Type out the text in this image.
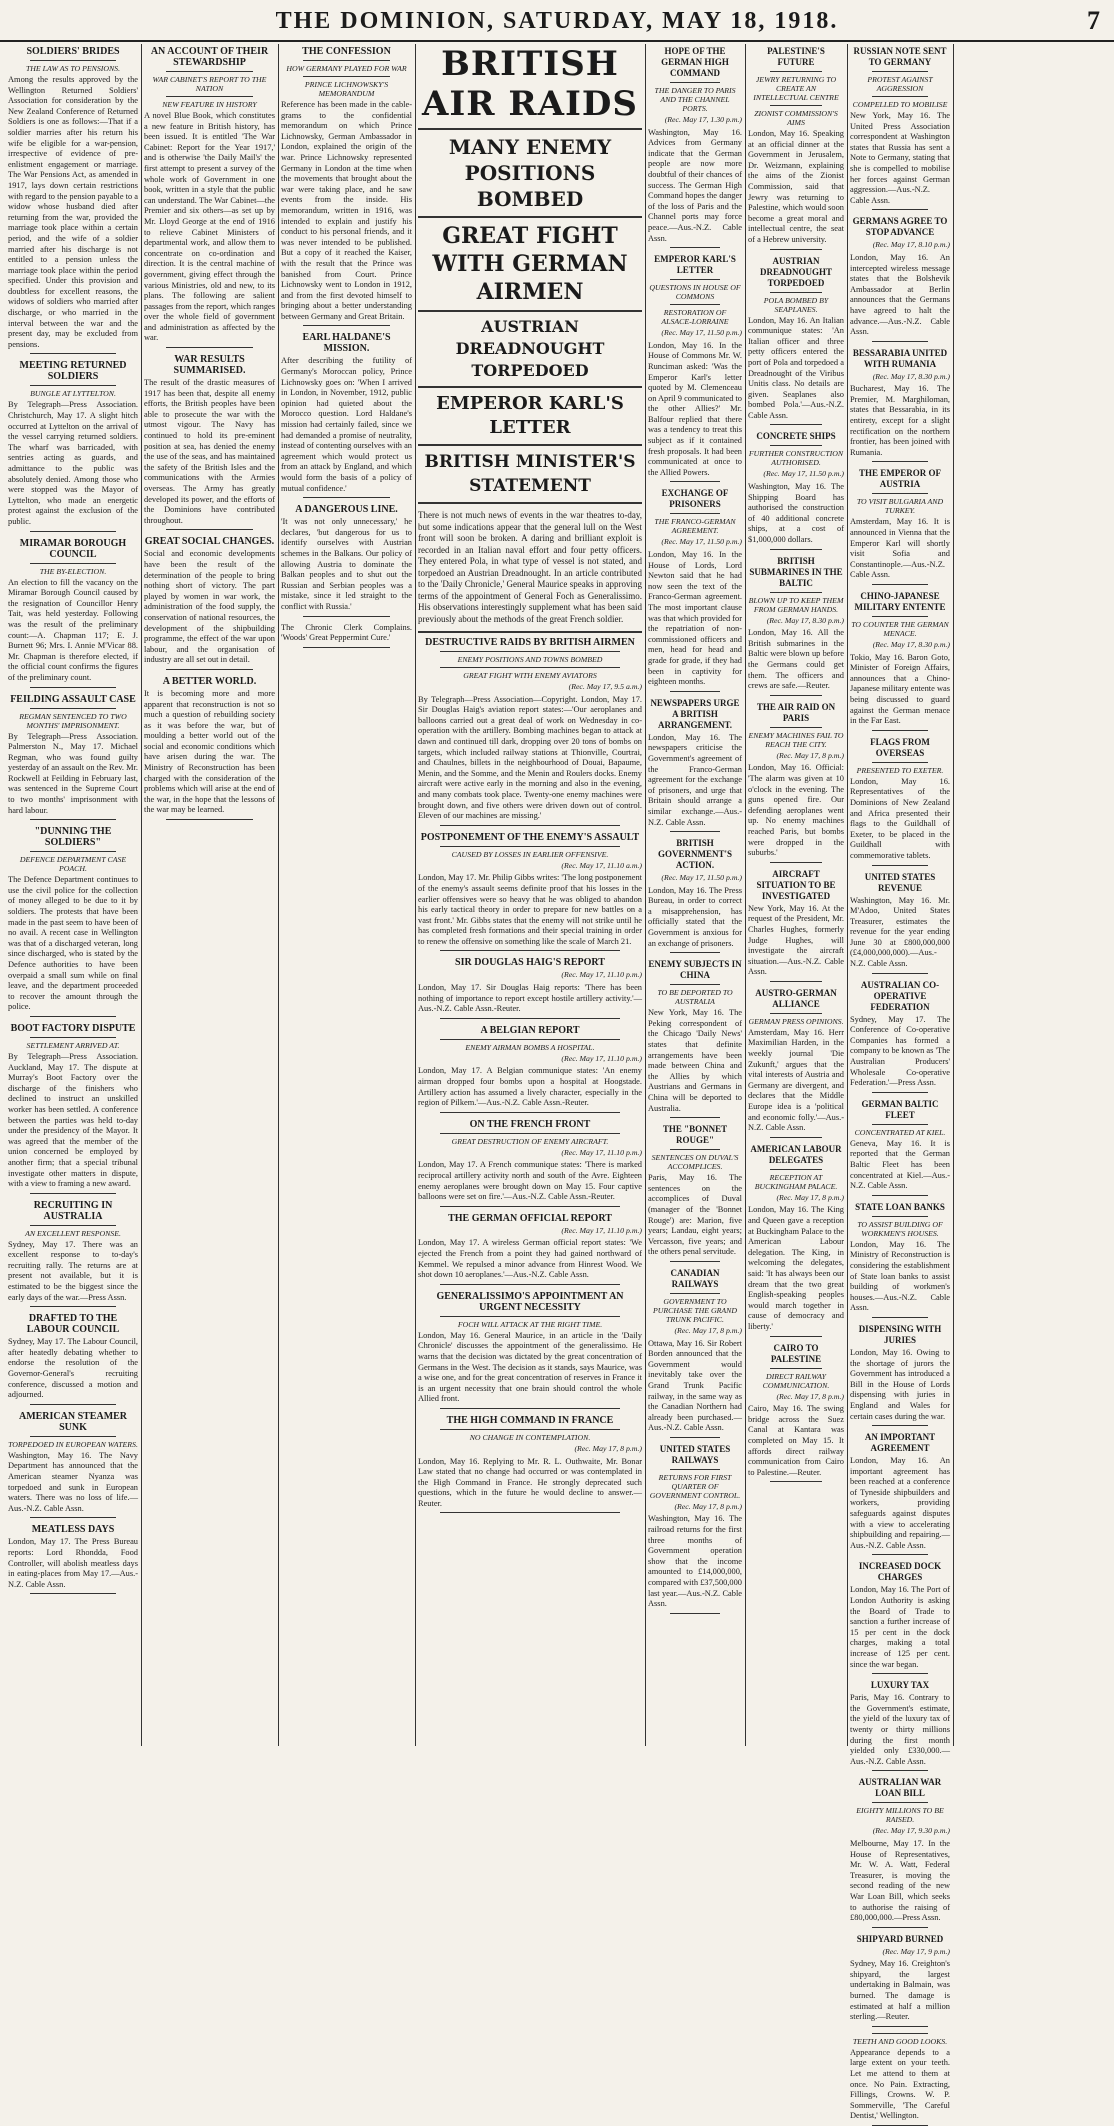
THE DOMINION, SATURDAY, MAY 18, 1918.	7
SOLDIERS' BRIDES
THE LAW AS TO PENSIONS.
Among the results approved by the Wellington Returned Soldiers' Association for consideration by the New Zealand Conference of Returned Soldiers is one as follows:—That if a soldier marries after his return his wife be eligible for a war-pension, irrespective of evidence of pre-enlistment engagement or marriage. The War Pensions Act, as amended in 1917, lays down certain restrictions with regard to the pension payable to a widow whose husband died after returning from the war, provided the marriage took place within a certain period, and the wife of a soldier married after his discharge is not entitled to a pension unless the marriage took place within the period specified. Under this provision and doubtless for excellent reasons, the widows of soldiers who married after discharge, or who married in the interval between the war and the present day, may be excluded from pensions.
MEETING RETURNED SOLDIERS
BUNGLE AT LYTTELTON.
By Telegraph—Press Association. Christchurch, May 17. A slight hitch occurred at Lyttelton on the arrival of the vessel carrying returned soldiers. The wharf was barricaded, with sentries acting as guards, and admittance to the public was absolutely denied. Among those who were stopped was the Mayor of Lyttelton, who made an energetic protest against the exclusion of the public.
MIRAMAR BOROUGH COUNCIL
THE BY-ELECTION.
An election to fill the vacancy on the Miramar Borough Council caused by the resignation of Councillor Henry Tait, was held yesterday. Following was the result of the preliminary count:—A. Chapman 117; E. J. Burnett 96; Mrs. I. Annie M'Vicar 88. Mr. Chapman is therefore elected, if the official count confirms the figures of the preliminary count.
FEILDING ASSAULT CASE
REGMAN SENTENCED TO TWO MONTHS' IMPRISONMENT.
By Telegraph—Press Association. Palmerston N., May 17. Michael Regman, who was found guilty yesterday of an assault on the Rev. Mr. Rockwell at Feilding in February last, was sentenced in the Supreme Court to two months' imprisonment with hard labour.
"DUNNING THE SOLDIERS"
DEFENCE DEPARTMENT CASE POACH.
The Defence Department continues to use the civil police for the collection of money alleged to be due to it by soldiers. The protests that have been made in the past seem to have been of no avail. A recent case in Wellington was that of a discharged veteran, long since discharged, who is stated by the Defence authorities to have been overpaid a small sum while on final leave, and the department proceeded to recover the amount through the police.
BOOT FACTORY DISPUTE
SETTLEMENT ARRIVED AT.
By Telegraph—Press Association. Auckland, May 17. The dispute at Murray's Boot Factory over the discharge of the finishers who declined to instruct an unskilled worker has been settled. A conference between the parties was held to-day under the presidency of the Mayor. It was agreed that the member of the union concerned be employed by another firm; that a special tribunal investigate other matters in dispute, with a view to framing a new award.
RECRUITING IN AUSTRALIA
AN EXCELLENT RESPONSE.
Sydney, May 17. There was an excellent response to to-day's recruiting rally. The returns are at present not available, but it is estimated to be the biggest since the early days of the war.—Press Assn.
DRAFTED TO THE LABOUR COUNCIL
Sydney, May 17. The Labour Council, after heatedly debating whether to endorse the resolution of the Governor-General's recruiting conference, discussed a motion and adjourned.
AMERICAN STEAMER SUNK
TORPEDOED IN EUROPEAN WATERS.
Washington, May 16. The Navy Department has announced that the American steamer Nyanza was torpedoed and sunk in European waters. There was no loss of life.—Aus.-N.Z. Cable Assn.
MEATLESS DAYS
London, May 17. The Press Bureau reports: Lord Rhondda, Food Controller, will abolish meatless days in eating-places from May 17.—Aus.-N.Z. Cable Assn.
AN ACCOUNT OF THEIR STEWARDSHIP
WAR CABINET'S REPORT TO THE NATION
NEW FEATURE IN HISTORY
A novel Blue Book, which constitutes a new feature in British history, has been issued. It is entitled 'The War Cabinet: Report for the Year 1917,' and is otherwise 'the Daily Mail's' the first attempt to present a survey of the whole work of Government in one book, written in a style that the public can understand. The War Cabinet—the Premier and six others—as set up by Mr. Lloyd George at the end of 1916 to relieve Cabinet Ministers of departmental work, and allow them to concentrate on co-ordination and direction. It is the central machine of government, giving effect through the various Ministries, old and new, to its plans. The following are salient passages from the report, which ranges over the whole field of government and administration as affected by the war.
WAR RESULTS SUMMARISED.
The result of the drastic measures of 1917 has been that, despite all enemy efforts, the British peoples have been able to prosecute the war with the utmost vigour. The Navy has continued to hold its pre-eminent position at sea, has denied the enemy the use of the seas, and has maintained the safety of the British Isles and the communications with the Armies overseas. The Army has greatly developed its power, and the efforts of the Dominions have contributed throughout.
GREAT SOCIAL CHANGES.
Social and economic developments have been the result of the determination of the people to bring nothing short of victory. The part played by women in war work, the administration of the food supply, the conservation of national resources, the development of the shipbuilding programme, the effect of the war upon labour, and the organisation of industry are all set out in detail.
A BETTER WORLD.
It is becoming more and more apparent that reconstruction is not so much a question of rebuilding society as it was before the war, but of moulding a better world out of the social and economic conditions which have arisen during the war. The Ministry of Reconstruction has been charged with the consideration of the problems which will arise at the end of the war, in the hope that the lessons of the war may be learned.
THE CONFESSION
HOW GERMANY PLAYED FOR WAR
PRINCE LICHNOWSKY'S MEMORANDUM
Reference has been made in the cable-grams to the confidential memorandum on which Prince Lichnowsky, German Ambassador in London, explained the origin of the war. Prince Lichnowsky represented Germany in London at the time when the movements that brought about the war were taking place, and he saw events from the inside. His memorandum, written in 1916, was intended to explain and justify his conduct to his personal friends, and it was never intended to be published. But a copy of it reached the Kaiser, with the result that the Prince was banished from Court. Prince Lichnowsky went to London in 1912, and from the first devoted himself to bringing about a better understanding between Germany and Great Britain.
EARL HALDANE'S MISSION.
After describing the futility of Germany's Moroccan policy, Prince Lichnowsky goes on: 'When I arrived in London, in November, 1912, public opinion had quieted about the Morocco question. Lord Haldane's mission had certainly failed, since we had demanded a promise of neutrality, instead of contenting ourselves with an agreement which would protect us from an attack by England, and which would form the basis of a policy of mutual confidence.'
A DANGEROUS LINE.
'It was not only unnecessary,' he declares, 'but dangerous for us to identify ourselves with Austrian schemes in the Balkans. Our policy of allowing Austria to dominate the Balkan peoples and to shut out the Russian and Serbian peoples was a mistake, since it led straight to the conflict with Russia.'
The Chronic Clerk Complains. 'Woods' Great Peppermint Cure.'
BRITISH AIR RAIDS
MANY ENEMY POSITIONS BOMBED
GREAT FIGHT WITH GERMAN AIRMEN
AUSTRIAN DREADNOUGHT TORPEDOED
EMPEROR KARL'S LETTER
BRITISH MINISTER'S STATEMENT
There is not much news of events in the war theatres to-day, but some indications appear that the general lull on the West front will soon be broken. A daring and brilliant exploit is recorded in an Italian naval effort and four petty officers. They entered Pola, in what type of vessel is not stated, and torpedoed an Austrian Dreadnought. In an article contributed to the 'Daily Chronicle,' General Maurice speaks in approving terms of the appointment of General Foch as Generalissimo. His observations interestingly supplement what has been said previously about the methods of the great French soldier.
DESTRUCTIVE RAIDS BY BRITISH AIRMEN
ENEMY POSITIONS AND TOWNS BOMBED
GREAT FIGHT WITH ENEMY AVIATORS
(Rec. May 17, 9.5 a.m.)
By Telegraph—Press Association—Copyright. London, May 17. Sir Douglas Haig's aviation report states:—'Our aeroplanes and balloons carried out a great deal of work on Wednesday in co-operation with the artillery. Bombing machines began to attack at dawn and continued till dark, dropping over 20 tons of bombs on targets, which included railway stations at Thionville, Courtrai, and Chaulnes, billets in the neighbourhood of Douai, Bapaume, Menin, and the Somme, and the Menin and Roulers docks. Enemy aircraft were active early in the morning and also in the evening, and many combats took place. Twenty-one enemy machines were brought down, and five others were driven down out of control. Eleven of our machines are missing.'
POSTPONEMENT OF THE ENEMY'S ASSAULT
CAUSED BY LOSSES IN EARLIER OFFENSIVE.
(Rec. May 17, 11.10 a.m.)
London, May 17. Mr. Philip Gibbs writes: 'The long postponement of the enemy's assault seems definite proof that his losses in the earlier offensives were so heavy that he was obliged to abandon his early tactical theory in order to prepare for new battles on a vast front.' Mr. Gibbs states that the enemy will not strike until he has completed fresh formations and their special training in order to renew the offensive on something like the scale of March 21.
SIR DOUGLAS HAIG'S REPORT
(Rec. May 17, 11.10 p.m.)
London, May 17. Sir Douglas Haig reports: 'There has been nothing of importance to report except hostile artillery activity.'—Aus.-N.Z. Cable Assn.-Reuter.
A BELGIAN REPORT
ENEMY AIRMAN BOMBS A HOSPITAL.
(Rec. May 17, 11.10 p.m.)
London, May 17. A Belgian communique states: 'An enemy airman dropped four bombs upon a hospital at Hoogstade. Artillery action has assumed a lively character, especially in the region of Pilkem.'—Aus.-N.Z. Cable Assn.-Reuter.
ON THE FRENCH FRONT
GREAT DESTRUCTION OF ENEMY AIRCRAFT.
(Rec. May 17, 11.10 p.m.)
London, May 17. A French communique states: 'There is marked reciprocal artillery activity north and south of the Avre. Eighteen enemy aeroplanes were brought down on May 15. Four captive balloons were set on fire.'—Aus.-N.Z. Cable Assn.-Reuter.
THE GERMAN OFFICIAL REPORT
(Rec. May 17, 11.10 p.m.)
London, May 17. A wireless German official report states: 'We ejected the French from a point they had gained northward of Kemmel. We repulsed a minor advance from Hinrest Wood. We shot down 10 aeroplanes.'—Aus.-N.Z. Cable Assn.
GENERALISSIMO'S APPOINTMENT AN URGENT NECESSITY
FOCH WILL ATTACK AT THE RIGHT TIME.
London, May 16. General Maurice, in an article in the 'Daily Chronicle' discusses the appointment of the generalissimo. He warns that the decision was dictated by the great concentration of Germans in the West. The decision as it stands, says Maurice, was a wise one, and for the great concentration of reserves in France it is an urgent necessity that one brain should control the whole Allied front.
THE HIGH COMMAND IN FRANCE
NO CHANGE IN CONTEMPLATION.
(Rec. May 17, 8 p.m.)
London, May 16. Replying to Mr. R. L. Outhwaite, Mr. Bonar Law stated that no change had occurred or was contemplated in the High Command in France. He strongly deprecated such questions, which in the future he would decline to answer.—Reuter.
HOPE OF THE GERMAN HIGH COMMAND
THE DANGER TO PARIS AND THE CHANNEL PORTS.
(Rec. May 17, 1.30 p.m.)
Washington, May 16. Advices from Germany indicate that the German people are now more doubtful of their chances of success. The German High Command hopes the danger of the loss of Paris and the Channel ports may force peace.—Aus.-N.Z. Cable Assn.
EMPEROR KARL'S LETTER
QUESTIONS IN HOUSE OF COMMONS
RESTORATION OF ALSACE-LORRAINE
(Rec. May 17, 11.50 p.m.)
London, May 16. In the House of Commons Mr. W. Runciman asked: 'Was the Emperor Karl's letter quoted by M. Clemenceau on April 9 communicated to the other Allies?' Mr. Balfour replied that there was a tendency to treat this subject as if it contained fresh proposals. It had been communicated at once to the Allied Powers.
EXCHANGE OF PRISONERS
THE FRANCO-GERMAN AGREEMENT.
(Rec. May 17, 11.50 p.m.)
London, May 16. In the House of Lords, Lord Newton said that he had now seen the text of the Franco-German agreement. The most important clause was that which provided for the repatriation of non-commissioned officers and men, head for head and grade for grade, if they had been in captivity for eighteen months.
NEWSPAPERS URGE A BRITISH ARRANGEMENT.
London, May 16. The newspapers criticise the Government's agreement of the Franco-German agreement for the exchange of prisoners, and urge that Britain should arrange a similar exchange.—Aus.-N.Z. Cable Assn.
BRITISH GOVERNMENT'S ACTION.
(Rec. May 17, 11.50 p.m.)
London, May 16. The Press Bureau, in order to correct a misapprehension, has officially stated that the Government is anxious for an exchange of prisoners.
ENEMY SUBJECTS IN CHINA
TO BE DEPORTED TO AUSTRALIA
New York, May 16. The Peking correspondent of the Chicago 'Daily News' states that definite arrangements have been made between China and the Allies by which Austrians and Germans in China will be deported to Australia.
THE "BONNET ROUGE"
SENTENCES ON DUVAL'S ACCOMPLICES.
Paris, May 16. The sentences on the accomplices of Duval (manager of the 'Bonnet Rouge') are: Marion, five years; Landau, eight years; Vercasson, five years; and the others penal servitude.
CANADIAN RAILWAYS
GOVERNMENT TO PURCHASE THE GRAND TRUNK PACIFIC.
(Rec. May 17, 8 p.m.)
Ottawa, May 16. Sir Robert Borden announced that the Government would inevitably take over the Grand Trunk Pacific railway, in the same way as the Canadian Northern had already been purchased.—Aus.-N.Z. Cable Assn.
UNITED STATES RAILWAYS
RETURNS FOR FIRST QUARTER OF GOVERNMENT CONTROL.
(Rec. May 17, 8 p.m.)
Washington, May 16. The railroad returns for the first three months of Government operation show that the income amounted to £14,000,000, compared with £37,500,000 last year.—Aus.-N.Z. Cable Assn.
PALESTINE'S FUTURE
JEWRY RETURNING TO CREATE AN INTELLECTUAL CENTRE
ZIONIST COMMISSION'S AIMS
London, May 16. Speaking at an official dinner at the Government in Jerusalem, Dr. Weizmann, explaining the aims of the Zionist Commission, said that Jewry was returning to Palestine, which would soon become a great moral and intellectual centre, the seat of a Hebrew university.
AUSTRIAN DREADNOUGHT TORPEDOED
POLA BOMBED BY SEAPLANES.
London, May 16. An Italian communique states: 'An Italian officer and three petty officers entered the port of Pola and torpedoed a Dreadnought of the Viribus Unitis class. No details are given. Seaplanes also bombed Pola.'—Aus.-N.Z. Cable Assn.
CONCRETE SHIPS
FURTHER CONSTRUCTION AUTHORISED.
(Rec. May 17, 11.50 p.m.)
Washington, May 16. The Shipping Board has authorised the construction of 40 additional concrete ships, at a cost of $1,000,000 dollars.
BRITISH SUBMARINES IN THE BALTIC
BLOWN UP TO KEEP THEM FROM GERMAN HANDS.
(Rec. May 17, 8.30 p.m.)
London, May 16. All the British submarines in the Baltic were blown up before the Germans could get them. The officers and crews are safe.—Reuter.
THE AIR RAID ON PARIS
ENEMY MACHINES FAIL TO REACH THE CITY.
(Rec. May 17, 8 p.m.)
London, May 16. Official: 'The alarm was given at 10 o'clock in the evening. The guns opened fire. Our defending aeroplanes went up. No enemy machines reached Paris, but bombs were dropped in the suburbs.'
AIRCRAFT SITUATION TO BE INVESTIGATED
New York, May 16. At the request of the President, Mr. Charles Hughes, formerly Judge Hughes, will investigate the aircraft situation.—Aus.-N.Z. Cable Assn.
AUSTRO-GERMAN ALLIANCE
GERMAN PRESS OPINIONS.
Amsterdam, May 16. Herr Maximilian Harden, in the weekly journal 'Die Zukunft,' argues that the vital interests of Austria and Germany are divergent, and declares that the Middle Europe idea is a 'political and economic folly.'—Aus.-N.Z. Cable Assn.
AMERICAN LABOUR DELEGATES
RECEPTION AT BUCKINGHAM PALACE.
(Rec. May 17, 8 p.m.)
London, May 16. The King and Queen gave a reception at Buckingham Palace to the American Labour delegation. The King, in welcoming the delegates, said: 'It has always been our dream that the two great English-speaking peoples would march together in cause of democracy and liberty.'
CAIRO TO PALESTINE
DIRECT RAILWAY COMMUNICATION.
(Rec. May 17, 8 p.m.)
Cairo, May 16. The swing bridge across the Suez Canal at Kantara was completed on May 15. It affords direct railway communication from Cairo to Palestine.—Reuter.
RUSSIAN NOTE SENT TO GERMANY
PROTEST AGAINST AGGRESSION
COMPELLED TO MOBILISE
New York, May 16. The United Press Association correspondent at Washington states that Russia has sent a Note to Germany, stating that she is compelled to mobilise her forces against German aggression.—Aus.-N.Z. Cable Assn.
GERMANS AGREE TO STOP ADVANCE
(Rec. May 17, 8.10 p.m.)
London, May 16. An intercepted wireless message states that the Bolshevik Ambassador at Berlin announces that the Germans have agreed to halt the advance.—Aus.-N.Z. Cable Assn.
BESSARABIA UNITED WITH RUMANIA
(Rec. May 17, 8.30 p.m.)
Bucharest, May 16. The Premier, M. Marghiloman, states that Bessarabia, in its entirety, except for a slight rectification on the northern frontier, has been joined with Rumania.
THE EMPEROR OF AUSTRIA
TO VISIT BULGARIA AND TURKEY.
Amsterdam, May 16. It is announced in Vienna that the Emperor Karl will shortly visit Sofia and Constantinople.—Aus.-N.Z. Cable Assn.
CHINO-JAPANESE MILITARY ENTENTE
TO COUNTER THE GERMAN MENACE.
(Rec. May 17, 8.30 p.m.)
Tokio, May 16. Baron Goto, Minister of Foreign Affairs, announces that a Chino-Japanese military entente was being discussed to guard against the German menace in the Far East.
FLAGS FROM OVERSEAS
PRESENTED TO EXETER.
London, May 16. Representatives of the Dominions of New Zealand and Africa presented their flags to the Guildhall of Exeter, to be placed in the Guildhall with commemorative tablets.
UNITED STATES REVENUE
Washington, May 16. Mr. M'Adoo, United States Treasurer, estimates the revenue for the year ending June 30 at £800,000,000 (£4,000,000,000).—Aus.-N.Z. Cable Assn.
AUSTRALIAN CO-OPERATIVE FEDERATION
Sydney, May 17. The Conference of Co-operative Companies has formed a company to be known as 'The Australian Producers' Wholesale Co-operative Federation.'—Press Assn.
GERMAN BALTIC FLEET
CONCENTRATED AT KIEL.
Geneva, May 16. It is reported that the German Baltic Fleet has been concentrated at Kiel.—Aus.-N.Z. Cable Assn.
STATE LOAN BANKS
TO ASSIST BUILDING OF WORKMEN'S HOUSES.
London, May 16. The Ministry of Reconstruction is considering the establishment of State loan banks to assist building of workmen's houses.—Aus.-N.Z. Cable Assn.
DISPENSING WITH JURIES
London, May 16. Owing to the shortage of jurors the Government has introduced a Bill in the House of Lords dispensing with juries in England and Wales for certain cases during the war.
AN IMPORTANT AGREEMENT
London, May 16. An important agreement has been reached at a conference of Tyneside shipbuilders and workers, providing safeguards against disputes with a view to accelerating shipbuilding and repairing.—Aus.-N.Z. Cable Assn.
INCREASED DOCK CHARGES
London, May 16. The Port of London Authority is asking the Board of Trade to sanction a further increase of 15 per cent in the dock charges, making a total increase of 125 per cent. since the war began.
LUXURY TAX
Paris, May 16. Contrary to the Government's estimate, the yield of the luxury tax of twenty or thirty millions during the first month yielded only £330,000.—Aus.-N.Z. Cable Assn.
AUSTRALIAN WAR LOAN BILL
EIGHTY MILLIONS TO BE RAISED.
(Rec. May 17, 9.30 p.m.)
Melbourne, May 17. In the House of Representatives, Mr. W. A. Watt, Federal Treasurer, is moving the second reading of the new War Loan Bill, which seeks to authorise the raising of £80,000,000.—Press Assn.
SHIPYARD BURNED
(Rec. May 17, 9 p.m.)
Sydney, May 16. Creighton's shipyard, the largest undertaking in Balmain, was burned. The damage is estimated at half a million sterling.—Reuter.
TEETH AND GOOD LOOKS.
Appearance depends to a large extent on your teeth. Let me attend to them at once. No Pain. Extracting, Fillings, Crowns. W. P. Sommerville, 'The Careful Dentist,' Wellington.
